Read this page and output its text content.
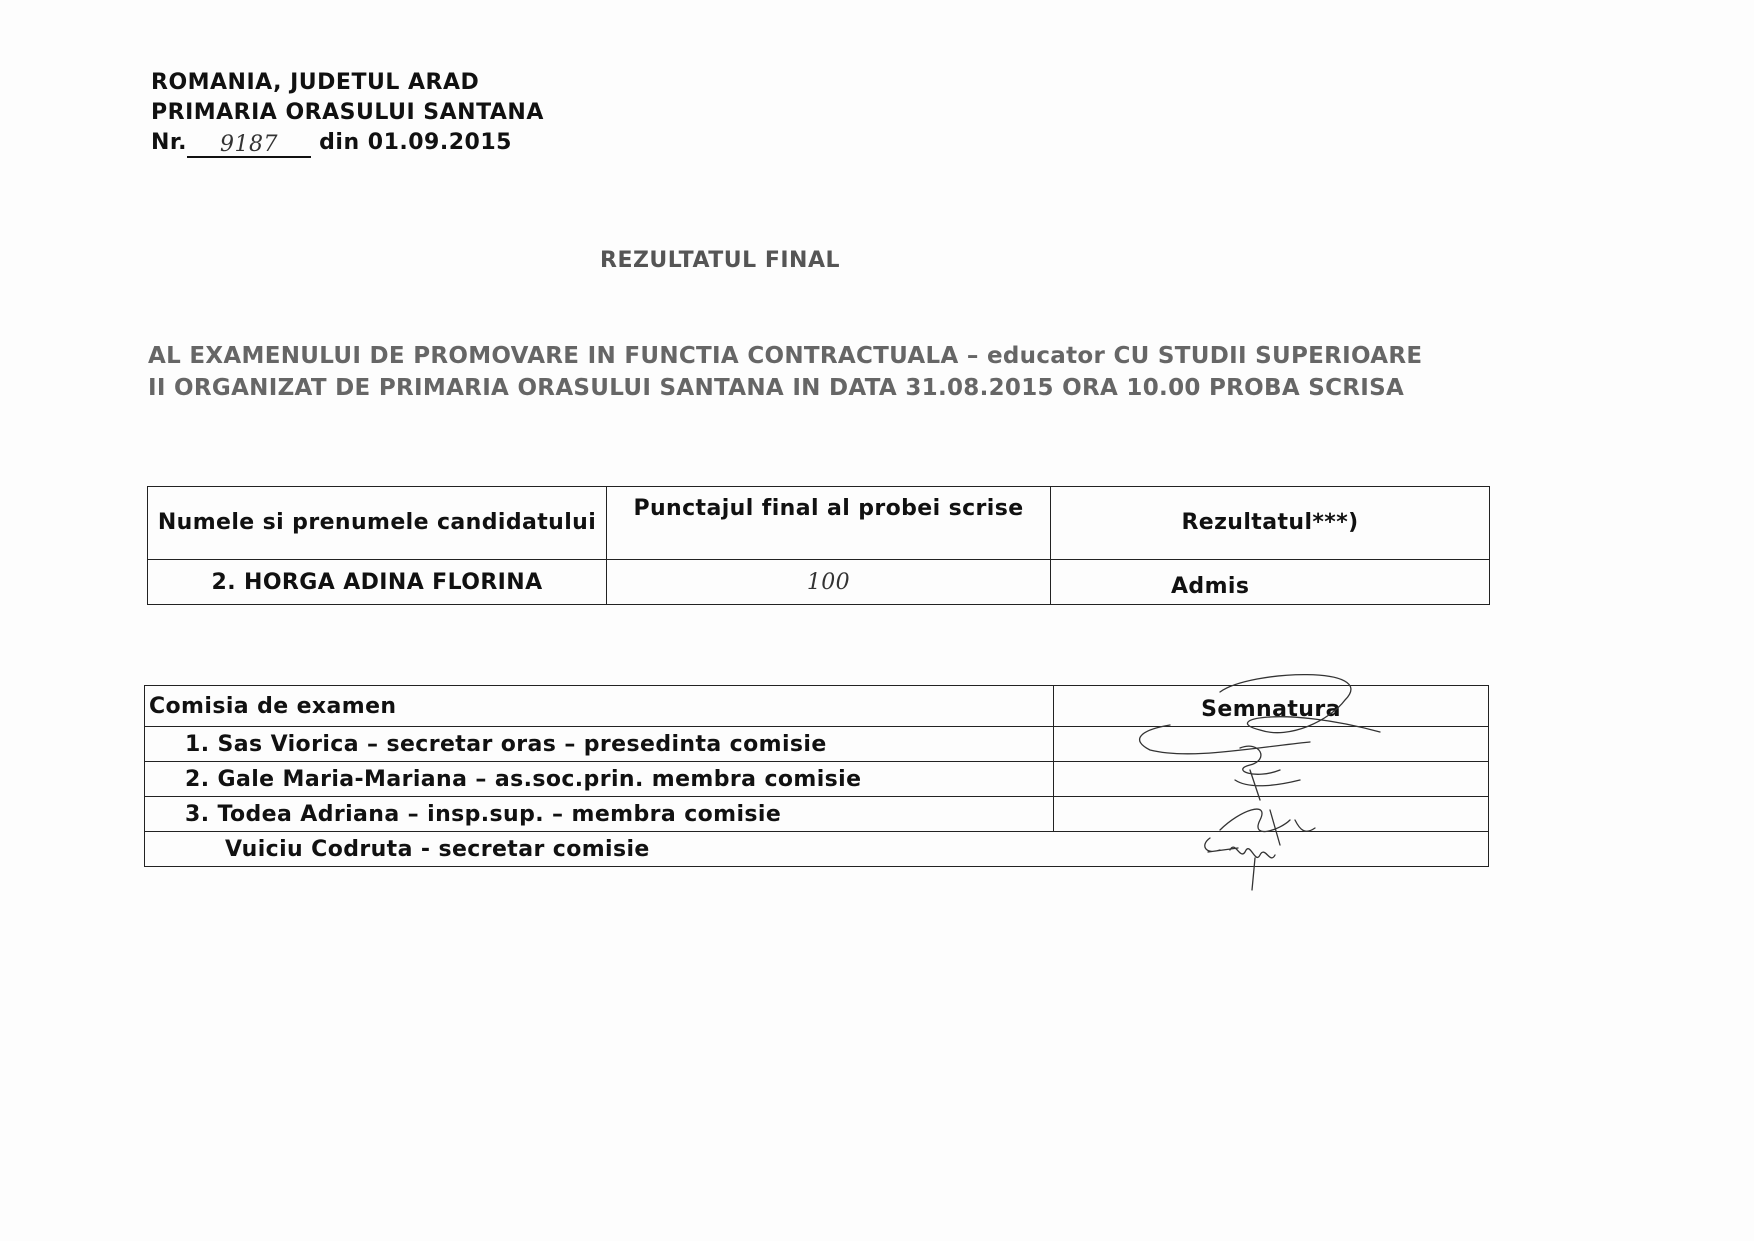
ROMANIA, JUDETUL ARAD
PRIMARIA ORASULUI SANTANA
Nr. 9187 din 01.09.2015
REZULTATUL FINAL
AL EXAMENULUI DE PROMOVARE IN FUNCTIA CONTRACTUALA – educator CU STUDII SUPERIOARE
II ORGANIZAT DE PRIMARIA ORASULUI SANTANA IN DATA 31.08.2015 ORA 10.00 PROBA SCRISA
Numele si prenumele candidatului	Punctajul final al probei scrise	Rezultatul***)
2. HORGA ADINA FLORINA	100	Admis
Comisia de examen	Semnatura
1. Sas Viorica – secretar oras – presedinta comisie	
2. Gale Maria-Mariana – as.soc.prin. membra comisie	
3. Todea Adriana – insp.sup. – membra comisie	
Vuiciu Codruta - secretar comisie	
